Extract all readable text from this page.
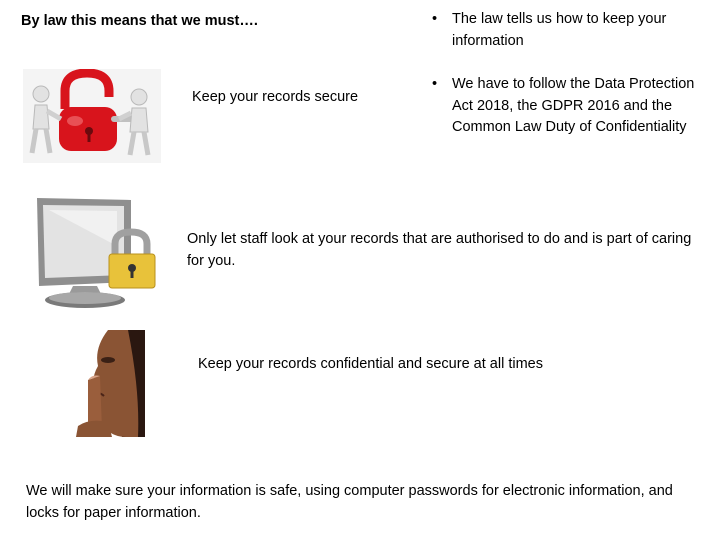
By law this means that we must….	• The law tells us how to keep your information
• We have to follow the Data Protection Act 2018, the GDPR 2016 and the Common Law Duty of Confidentiality
Keep your records secure
Only let staff look at your records that are authorised to do and is part of caring for you.
Keep your records confidential and secure at all times
We will make sure your information is safe, using computer passwords for electronic information, and locks for paper information.
